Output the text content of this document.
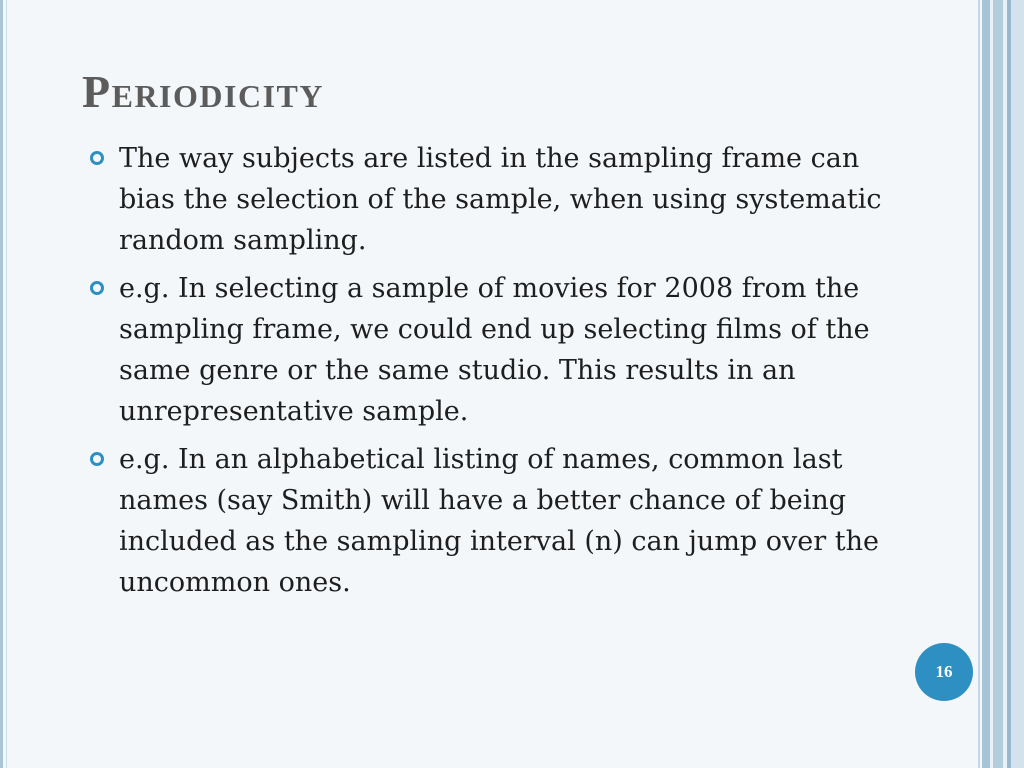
Periodicity
The way subjects are listed in the sampling frame can bias the selection of the sample, when using systematic random sampling.
e.g. In selecting a sample of movies for 2008 from the sampling frame, we could end up selecting films of the same genre or the same studio. This results in an unrepresentative sample.
e.g. In an alphabetical listing of names, common last names (say Smith) will have a better chance of being included as the sampling interval (n) can jump over the uncommon ones.
16
